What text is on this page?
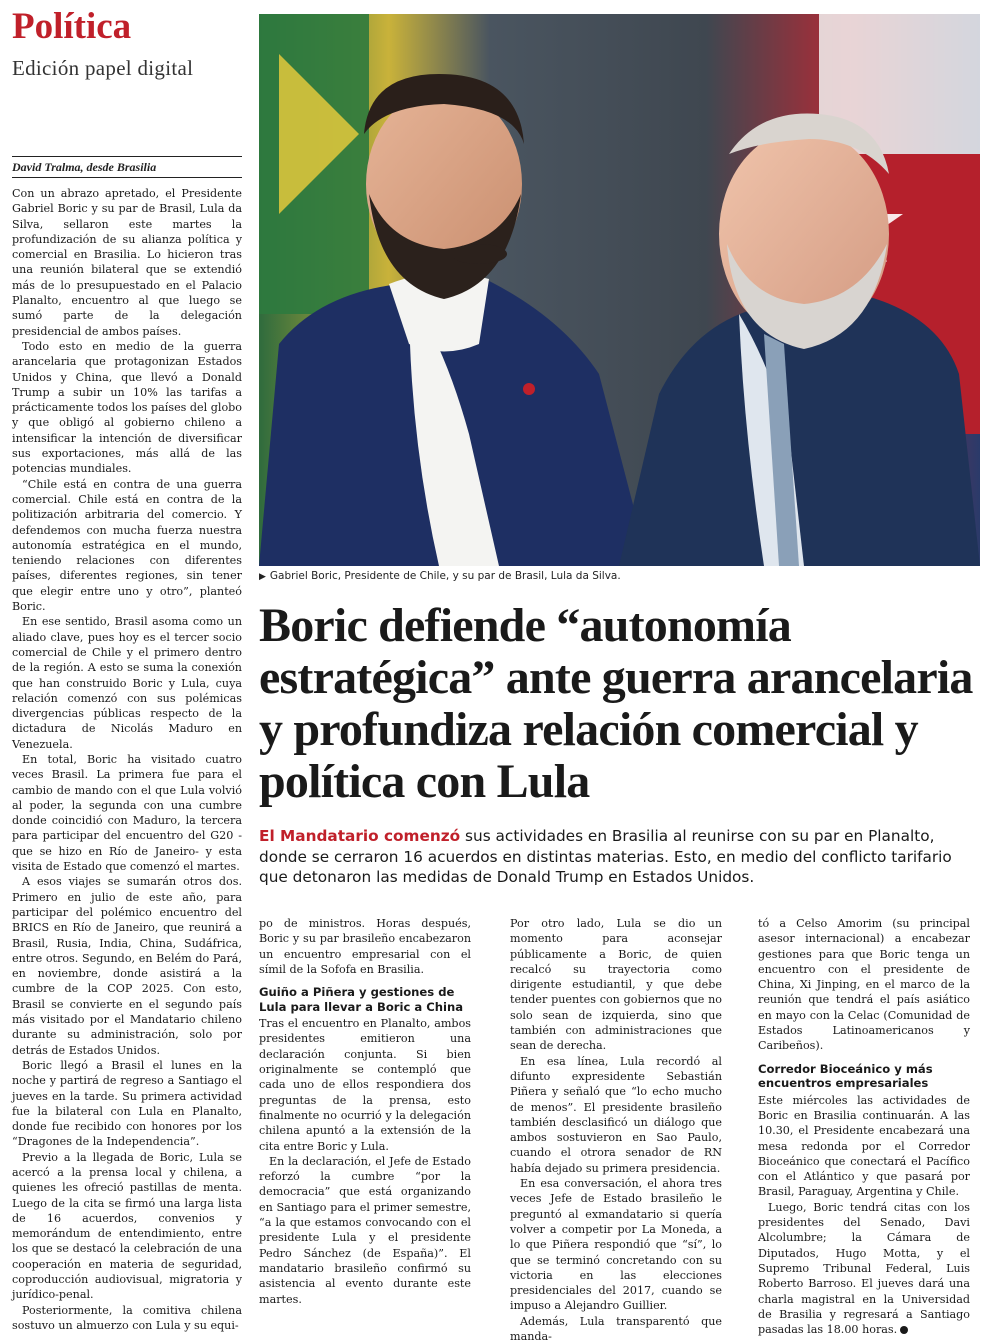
Política
Edición papel digital
David Tralma, desde Brasilia

Con un abrazo apretado, el Presidente Gabriel Boric y su par de Brasil, Lula da Silva, sellaron este martes la profundización de su alianza política y comercial en Brasilia. Lo hicieron tras una reunión bilateral que se extendió más de lo presupuestado en el Palacio Planalto, encuentro al que luego se sumó parte de la delegación presidencial de ambos países.

Todo esto en medio de la guerra arancelaria que protagonizan Estados Unidos y China, que llevó a Donald Trump a subir un 10% las tarifas a prácticamente todos los países del globo y que obligó al gobierno chileno a intensificar la intención de diversificar sus exportaciones, más allá de las potencias mundiales.

“Chile está en contra de una guerra comercial. Chile está en contra de la politización arbitraria del comercio. Y defendemos con mucha fuerza nuestra autonomía estratégica en el mundo, teniendo relaciones con diferentes países, diferentes regiones, sin tener que elegir entre uno y otro”, planteó Boric.

En ese sentido, Brasil asoma como un aliado clave, pues hoy es el tercer socio comercial de Chile y el primero dentro de la región. A esto se suma la conexión que han construido Boric y Lula, cuya relación comenzó con sus polémicas divergencias públicas respecto de la dictadura de Nicolás Maduro en Venezuela.

En total, Boric ha visitado cuatro veces Brasil. La primera fue para el cambio de mando con el que Lula volvió al poder, la segunda con una cumbre donde coincidió con Maduro, la tercera para participar del encuentro del G20 -que se hizo en Río de Janeiro- y esta visita de Estado que comenzó el martes.

A esos viajes se sumarán otros dos. Primero en julio de este año, para participar del polémico encuentro del BRICS en Río de Janeiro, que reunirá a Brasil, Rusia, India, China, Sudáfrica, entre otros. Segundo, en Belém do Pará, en noviembre, donde asistirá a la cumbre de la COP 2025. Con esto, Brasil se convierte en el segundo país más visitado por el Mandatario chileno durante su administración, solo por detrás de Estados Unidos.

Boric llegó a Brasil el lunes en la noche y partirá de regreso a Santiago el jueves en la tarde. Su primera actividad fue la bilateral con Lula en Planalto, donde fue recibido con honores por los “Dragones de la Independencia”.

Previo a la llegada de Boric, Lula se acercó a la prensa local y chilena, a quienes les ofreció pastillas de menta. Luego de la cita se firmó una larga lista de 16 acuerdos, convenios y memorándum de entendimiento, entre los que se destacó la celebración de una cooperación en materia de seguridad, coproducción audiovisual, migratoria y jurídico-penal.

Posteriormente, la comitiva chilena sostuvo un almuerzo con Lula y su equi-

▶ Gabriel Boric, Presidente de Chile, y su par de Brasil, Lula da Silva.
Boric defiende “autonomía estratégica” ante guerra arancelaria y profundiza relación comercial y política con Lula
El Mandatario comenzó sus actividades en Brasilia al reunirse con su par en Planalto, donde se cerraron 16 acuerdos en distintas materias. Esto, en medio del conflicto tarifario que detonaron las medidas de Donald Trump en Estados Unidos.

po de ministros. Horas después, Boric y su par brasileño encabezaron un encuentro empresarial con el símil de la Sofofa en Brasilia.

Guiño a Piñera y gestiones de Lula para llevar a Boric a China

Tras el encuentro en Planalto, ambos presidentes emitieron una declaración conjunta. Si bien originalmente se contempló que cada uno de ellos respondiera dos preguntas de la prensa, esto finalmente no ocurrió y la delegación chilena apuntó a la extensión de la cita entre Boric y Lula.

En la declaración, el Jefe de Estado reforzó la cumbre “por la democracia” que está organizando en Santiago para el primer semestre, “a la que estamos convocando con el presidente Lula y el presidente Pedro Sánchez (de España)”. El mandatario brasileño confirmó su asistencia al evento durante este martes.

Por otro lado, Lula se dio un momento para aconsejar públicamente a Boric, de quien recalcó su trayectoria como dirigente estudiantil, y que debe tender puentes con gobiernos que no solo sean de izquierda, sino que también con administraciones que sean de derecha.

En esa línea, Lula recordó al difunto expresidente Sebastián Piñera y señaló que “lo echo mucho de menos”. El presidente brasileño también desclasificó un diálogo que ambos sostuvieron en Sao Paulo, cuando el otrora senador de RN había dejado su primera presidencia.

En esa conversación, el ahora tres veces Jefe de Estado brasileño le preguntó al exmandatario si quería volver a competir por La Moneda, a lo que Piñera respondió que “sí”, lo que se terminó concretando con su victoria en las elecciones presidenciales del 2017, cuando se impuso a Alejandro Guillier.

Además, Lula transparentó que manda-

tó a Celso Amorim (su principal asesor internacional) a encabezar gestiones para que Boric tenga un encuentro con el presidente de China, Xi Jinping, en el marco de la reunión que tendrá el país asiático en mayo con la Celac (Comunidad de Estados Latinoamericanos y Caribeños).

Corredor Bioceánico y más encuentros empresariales

Este miércoles las actividades de Boric en Brasilia continuarán. A las 10.30, el Presidente encabezará una mesa redonda por el Corredor Bioceánico que conectará el Pacífico con el Atlántico y que pasará por Brasil, Paraguay, Argentina y Chile.

Luego, Boric tendrá citas con los presidentes del Senado, Davi Alcolumbre; la Cámara de Diputados, Hugo Motta, y el Supremo Tribunal Federal, Luis Roberto Barroso. El jueves dará una charla magistral en la Universidad de Brasilia y regresará a Santiago pasadas las 18.00 horas.
